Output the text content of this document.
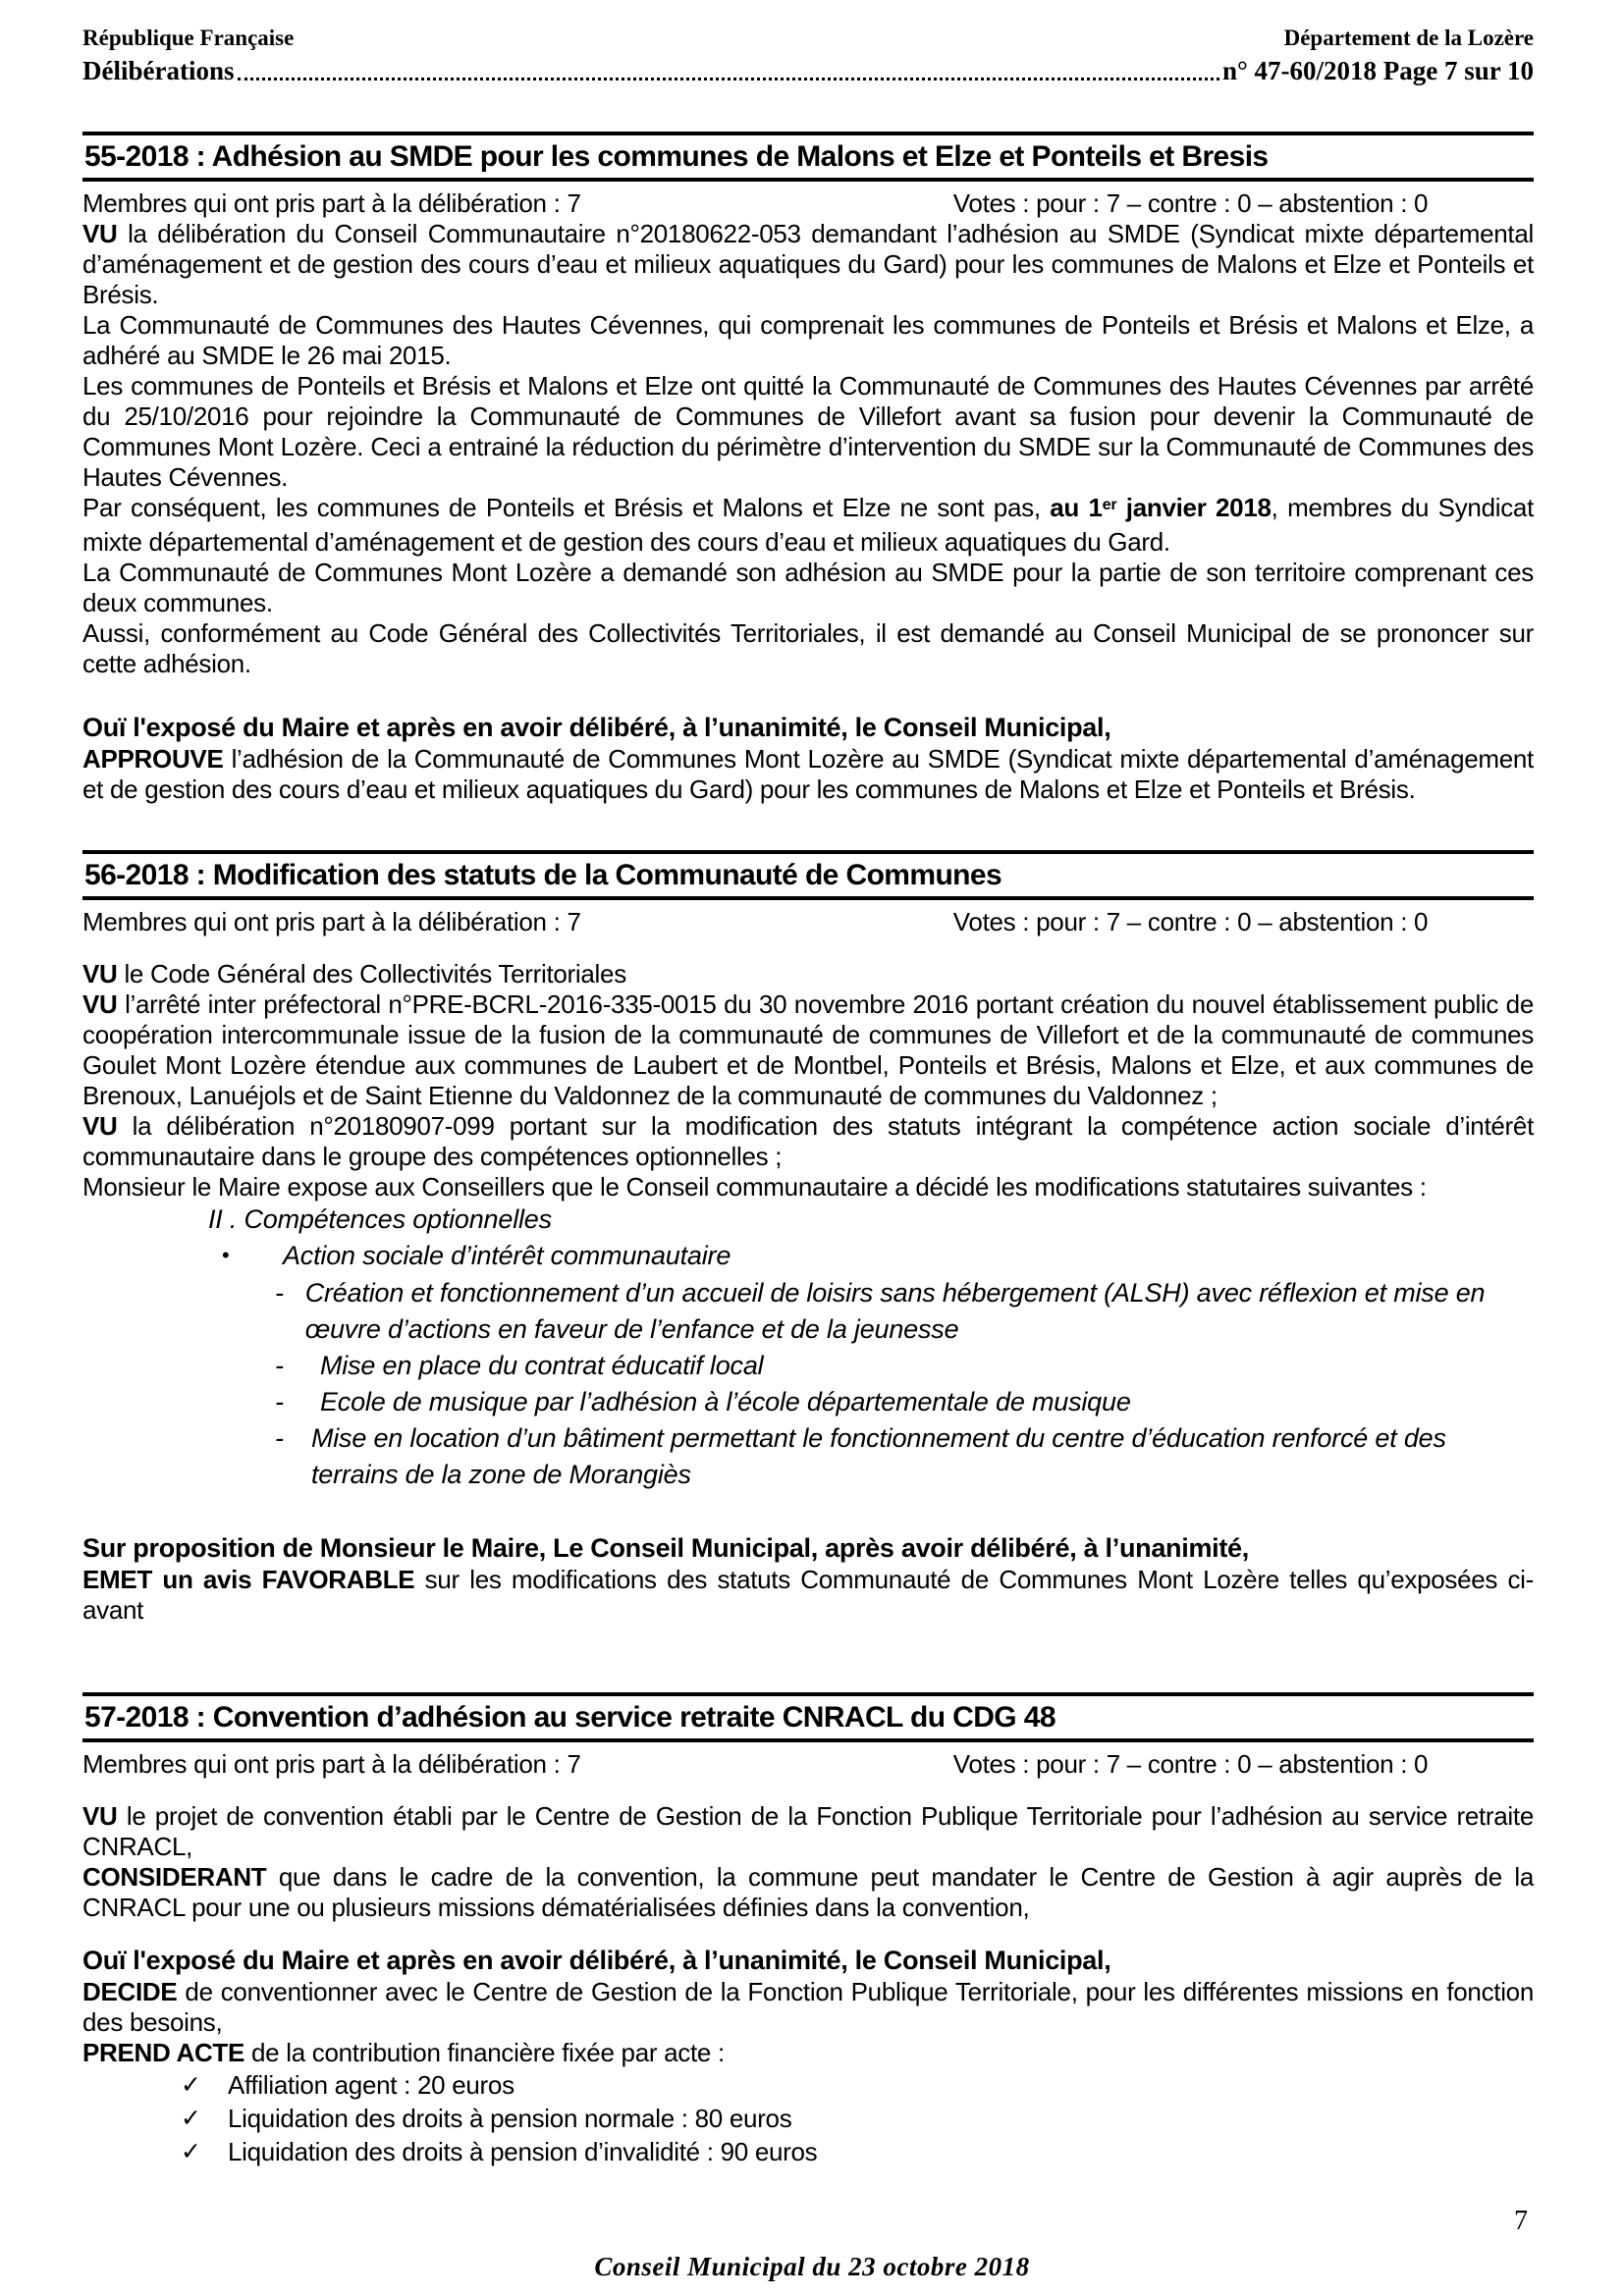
République Française	Département de la Lozère
Délibérations	n° 47-60/2018 Page 7 sur 10
55-2018 : Adhésion au SMDE pour les communes de Malons et Elze et Ponteils et Bresis
Membres qui ont pris part à la délibération : 7	Votes : pour : 7 – contre : 0 – abstention : 0
VU la délibération du Conseil Communautaire n°20180622-053 demandant l’adhésion au SMDE (Syndicat mixte départemental d’aménagement et de gestion des cours d’eau et milieux aquatiques du Gard) pour les communes de Malons et Elze et Ponteils et Brésis.
La Communauté de Communes des Hautes Cévennes, qui comprenait les communes de Ponteils et Brésis et Malons et Elze, a adhéré au SMDE le 26 mai 2015.
Les communes de Ponteils et Brésis et Malons et Elze ont quitté la Communauté de Communes des Hautes Cévennes par arrêté du 25/10/2016 pour rejoindre la Communauté de Communes de Villefort avant sa fusion pour devenir la Communauté de Communes Mont Lozère. Ceci a entrainé la réduction du périmètre d’intervention du SMDE sur la Communauté de Communes des Hautes Cévennes.
Par conséquent, les communes de Ponteils et Brésis et Malons et Elze ne sont pas, au 1er janvier 2018, membres du Syndicat mixte départemental d’aménagement et de gestion des cours d’eau et milieux aquatiques du Gard.
La Communauté de Communes Mont Lozère a demandé son adhésion au SMDE pour la partie de son territoire comprenant ces deux communes.
Aussi, conformément au Code Général des Collectivités Territoriales, il est demandé au Conseil Municipal de se prononcer sur cette adhésion.
Ouï l'exposé du Maire et après en avoir délibéré, à l’unanimité, le Conseil Municipal,
APPROUVE l’adhésion de la Communauté de Communes Mont Lozère au SMDE (Syndicat mixte départemental d’aménagement et de gestion des cours d’eau et milieux aquatiques du Gard) pour les communes de Malons et Elze et Ponteils et Brésis.
56-2018 : Modification des statuts de la Communauté de Communes
Membres qui ont pris part à la délibération : 7	Votes : pour : 7 – contre : 0 – abstention : 0
VU le Code Général des Collectivités Territoriales
VU l’arrêté inter préfectoral n°PRE-BCRL-2016-335-0015 du 30 novembre 2016 portant création du nouvel établissement public de coopération intercommunale issue de la fusion de la communauté de communes de Villefort et de la communauté de communes Goulet Mont Lozère étendue aux communes de Laubert et de Montbel, Ponteils et Brésis, Malons et Elze, et aux communes de Brenoux, Lanuéjols et de Saint Etienne du Valdonnez de la communauté de communes du Valdonnez ;
VU la délibération n°20180907-099 portant sur la modification des statuts intégrant la compétence action sociale d’intérêt communautaire dans le groupe des compétences optionnelles ;
Monsieur le Maire expose aux Conseillers que le Conseil communautaire a décidé les modifications statutaires suivantes :
II . Compétences optionnelles
•	Action sociale d’intérêt communautaire
- Création et fonctionnement d’un accueil de loisirs sans hébergement (ALSH) avec réflexion et mise en œuvre d’actions en faveur de l’enfance et de la jeunesse
-	Mise en place du contrat éducatif local
-	Ecole de musique par l’adhésion à l’école départementale de musique
-	Mise en location d’un bâtiment permettant le fonctionnement du centre d’éducation renforcé et des terrains de la zone de Morangiès
Sur proposition de Monsieur le Maire, Le Conseil Municipal, après avoir délibéré, à l’unanimité,
EMET un avis FAVORABLE sur les modifications des statuts Communauté de Communes Mont Lozère telles qu’exposées ci-avant
57-2018 : Convention d’adhésion au service retraite CNRACL du CDG 48
Membres qui ont pris part à la délibération : 7	Votes : pour : 7 – contre : 0 – abstention : 0
VU le projet de convention établi par le Centre de Gestion de la Fonction Publique Territoriale pour l’adhésion au service retraite CNRACL,
CONSIDERANT que dans le cadre de la convention, la commune peut mandater le Centre de Gestion à agir auprès de la CNRACL pour une ou plusieurs missions dématérialisées définies dans la convention,
Ouï l'exposé du Maire et après en avoir délibéré, à l’unanimité, le Conseil Municipal,
DECIDE de conventionner avec le Centre de Gestion de la Fonction Publique Territoriale, pour les différentes missions en fonction des besoins,
PREND ACTE de la contribution financière fixée par acte :
✓	Affiliation agent : 20 euros
✓	Liquidation des droits à pension normale : 80 euros
✓	Liquidation des droits à pension d’invalidité : 90 euros
7
Conseil Municipal du 23 octobre 2018
